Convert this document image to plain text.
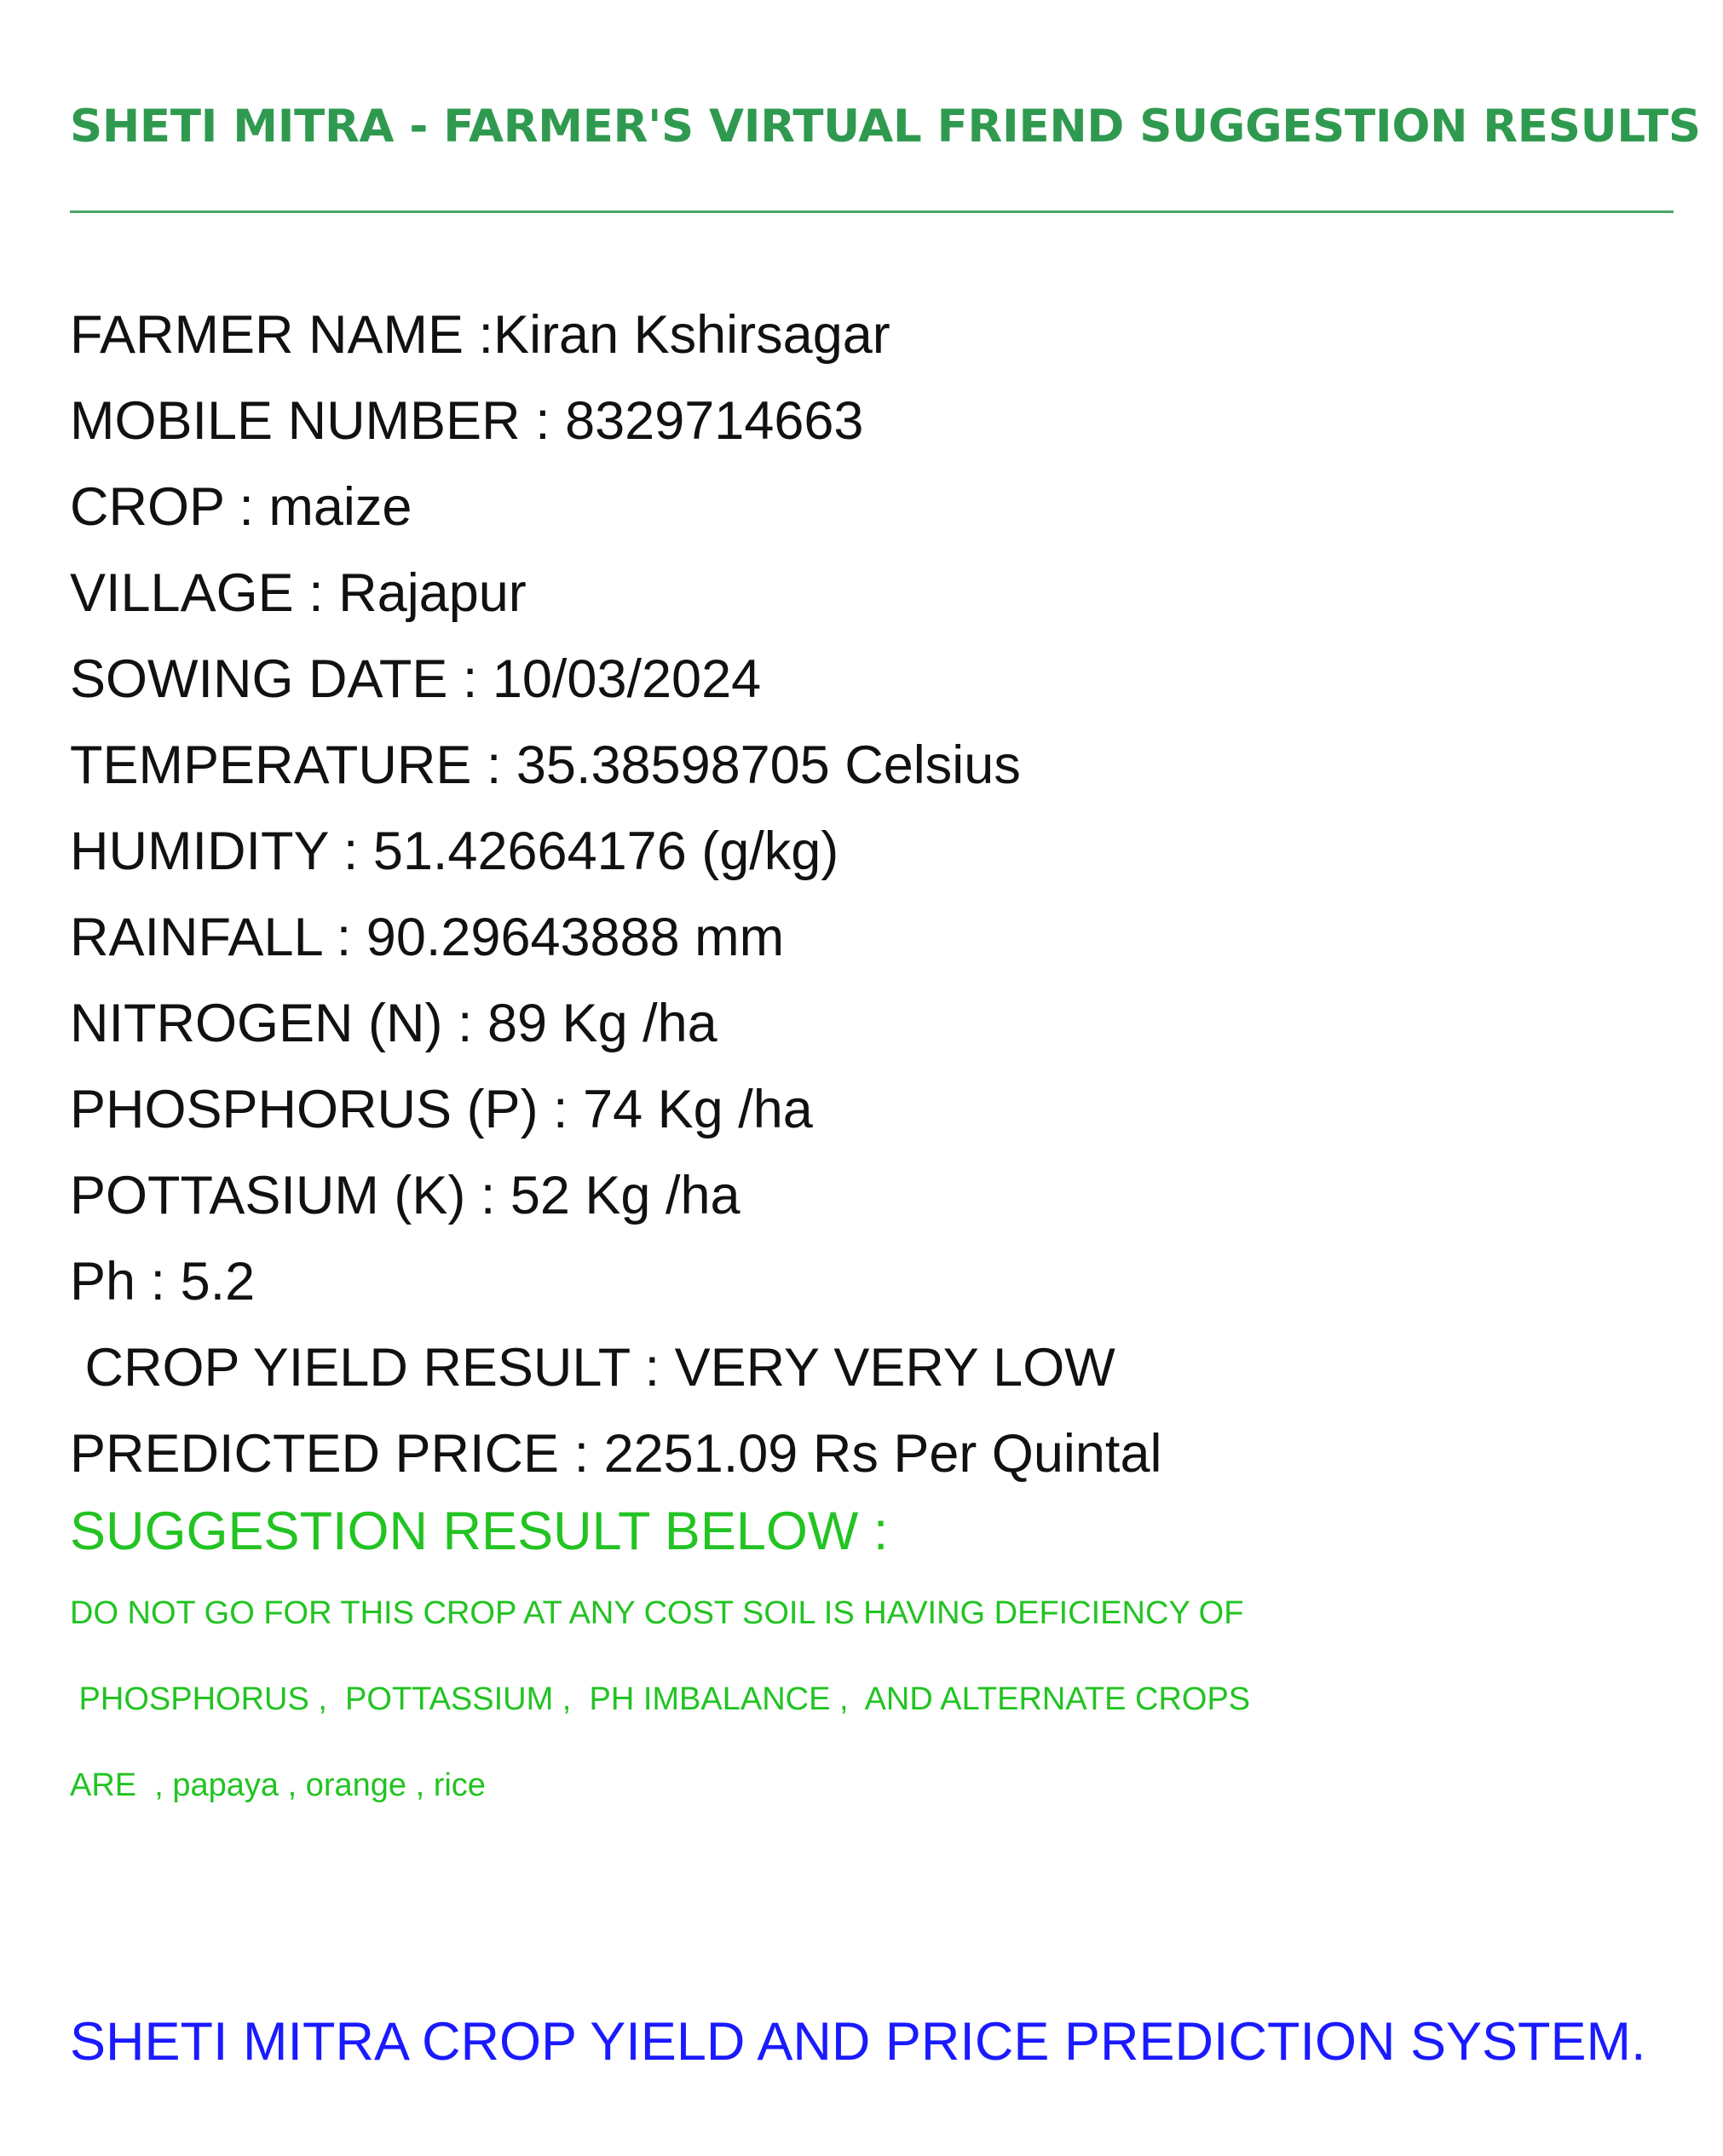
SHETI MITRA - FARMER'S VIRTUAL FRIEND SUGGESTION RESULTS
FARMER NAME :Kiran Kshirsagar
MOBILE NUMBER : 8329714663
CROP : maize
VILLAGE : Rajapur
SOWING DATE : 10/03/2024
TEMPERATURE : 35.38598705 Celsius
HUMIDITY : 51.42664176 (g/kg)
RAINFALL : 90.29643888 mm
NITROGEN (N) : 89 Kg /ha
PHOSPHORUS (P) : 74 Kg /ha
POTTASIUM (K) : 52 Kg /ha
Ph : 5.2
CROP YIELD RESULT : VERY VERY LOW
PREDICTED PRICE : 2251.09 Rs Per Quintal
SUGGESTION RESULT BELOW :
DO NOT GO FOR THIS CROP AT ANY COST SOIL IS HAVING DEFICIENCY OF
PHOSPHORUS ,  POTTASSIUM ,  PH IMBALANCE ,  AND ALTERNATE CROPS
ARE  , papaya , orange , rice
SHETI MITRA CROP YIELD AND PRICE PREDICTION SYSTEM.
